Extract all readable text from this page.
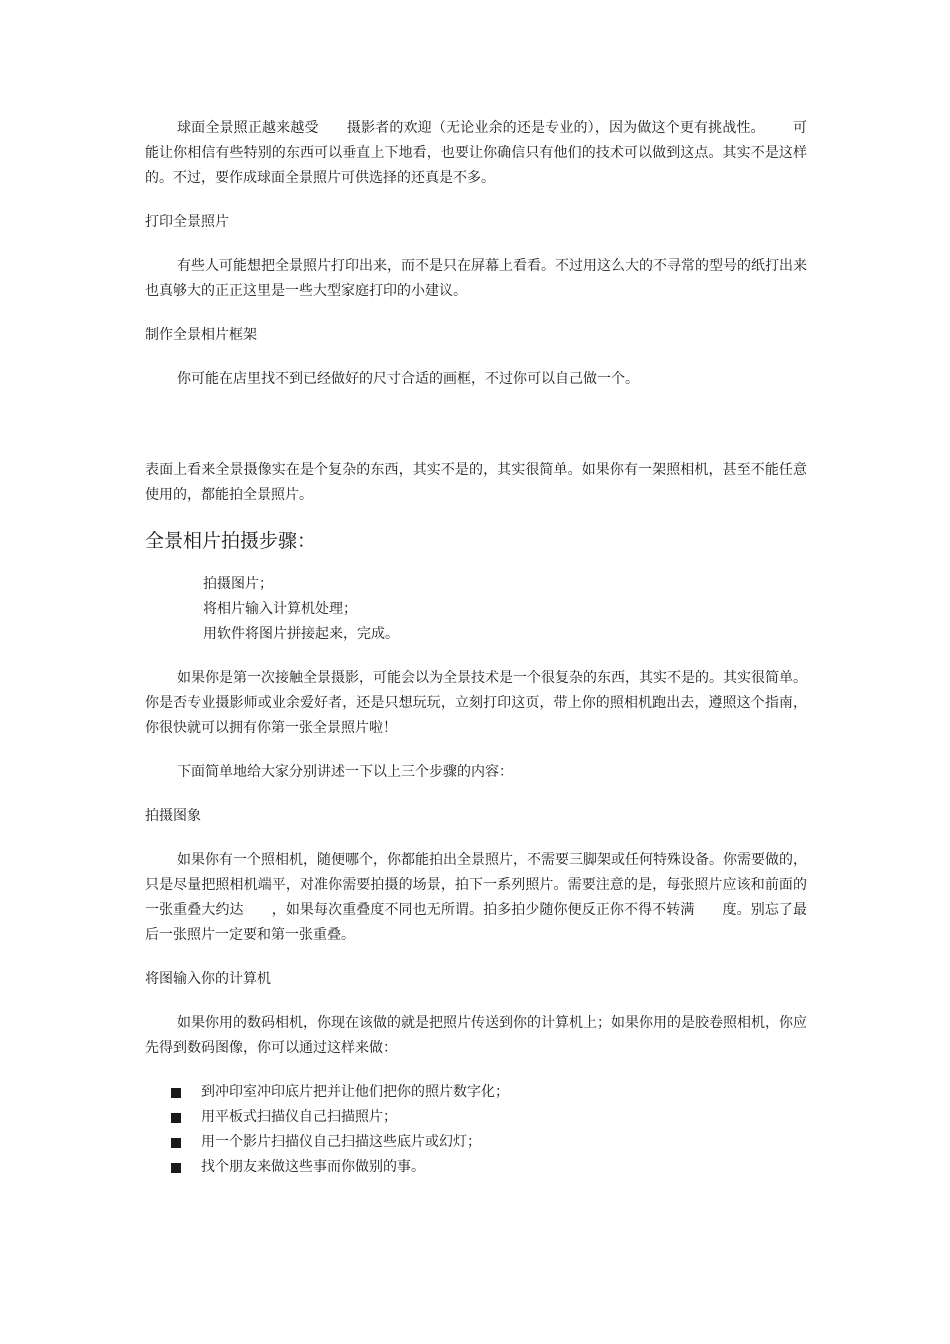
球面全景照正越来越受 摄影者的欢迎（无论业余的还是专业的），因为做这个更有挑战性。 可能让你相信有些特别的东西可以垂直上下地看，也要让你确信只有他们的技术可以做到这点。其实不是这样的。不过，要作成球面全景照片可供选择的还真是不多。

打印全景照片

有些人可能想把全景照片打印出来，而不是只在屏幕上看看。不过用这么大的不寻常的型号的纸打出来也真够大的正正这里是一些大型家庭打印的小建议。

制作全景相片框架

你可能在店里找不到已经做好的尺寸合适的画框，不过你可以自己做一个。

表面上看来全景摄像实在是个复杂的东西，其实不是的，其实很简单。如果你有一架照相机，甚至不能任意使用的，都能拍全景照片。

全景相片拍摄步骤：
拍摄图片；
将相片输入计算机处理；
用软件将图片拼接起来，完成。

如果你是第一次接触全景摄影，可能会以为全景技术是一个很复杂的东西，其实不是的。其实很简单。你是否专业摄影师或业余爱好者，还是只想玩玩，立刻打印这页，带上你的照相机跑出去，遵照这个指南，你很快就可以拥有你第一张全景照片啦！

下面简单地给大家分别讲述一下以上三个步骤的内容：

拍摄图象

如果你有一个照相机，随便哪个，你都能拍出全景照片，不需要三脚架或任何特殊设备。你需要做的，只是尽量把照相机端平，对准你需要拍摄的场景，拍下一系列照片。需要注意的是，每张照片应该和前面的一张重叠大约达 ，如果每次重叠度不同也无所谓。拍多拍少随你便反正你不得不转满 度。别忘了最后一张照片一定要和第一张重叠。

将图输入你的计算机

如果你用的数码相机，你现在该做的就是把照片传送到你的计算机上；如果你用的是胶卷照相机，你应先得到数码图像，你可以通过这样来做：

到冲印室冲印底片把并让他们把你的照片数字化；
用平板式扫描仪自己扫描照片；
用一个影片扫描仪自己扫描这些底片或幻灯；
找个朋友来做这些事而你做别的事。
